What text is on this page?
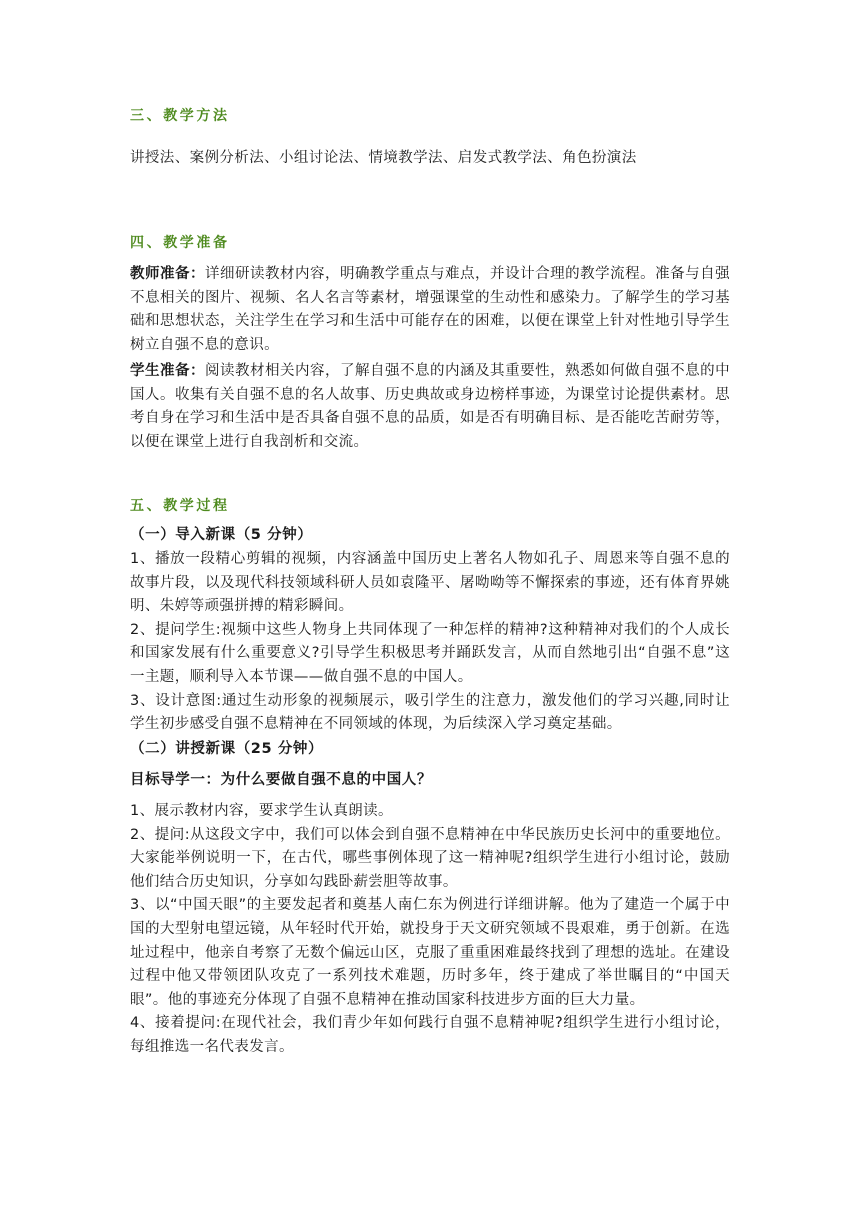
三、教学方法

讲授法、案例分析法、小组讨论法、情境教学法、启发式教学法、角色扮演法

四、教学准备

教师准备：详细研读教材内容，明确教学重点与难点，并设计合理的教学流程。准备与自强不息相关的图片、视频、名人名言等素材，增强课堂的生动性和感染力。了解学生的学习基础和思想状态，关注学生在学习和生活中可能存在的困难，以便在课堂上针对性地引导学生树立自强不息的意识。

学生准备：阅读教材相关内容，了解自强不息的内涵及其重要性，熟悉如何做自强不息的中国人。收集有关自强不息的名人故事、历史典故或身边榜样事迹，为课堂讨论提供素材。思考自身在学习和生活中是否具备自强不息的品质，如是否有明确目标、是否能吃苦耐劳等，以便在课堂上进行自我剖析和交流。

五、教学过程
（一）导入新课（5 分钟）

1、播放一段精心剪辑的视频，内容涵盖中国历史上著名人物如孔子、周恩来等自强不息的故事片段，以及现代科技领域科研人员如袁隆平、屠呦呦等不懈探索的事迹，还有体育界姚明、朱婷等顽强拼搏的精彩瞬间。

2、提问学生:视频中这些人物身上共同体现了一种怎样的精神?这种精神对我们的个人成长和国家发展有什么重要意义?引导学生积极思考并踊跃发言，从而自然地引出“自强不息”这一主题，顺利导入本节课——做自强不息的中国人。

3、设计意图:通过生动形象的视频展示，吸引学生的注意力，激发他们的学习兴趣,同时让学生初步感受自强不息精神在不同领域的体现，为后续深入学习奠定基础。

（二）讲授新课（25 分钟）
目标导学一：为什么要做自强不息的中国人？

1、展示教材内容，要求学生认真朗读。

2、提问:从这段文字中，我们可以体会到自强不息精神在中华民族历史长河中的重要地位。大家能举例说明一下，在古代，哪些事例体现了这一精神呢?组织学生进行小组讨论，鼓励他们结合历史知识，分享如勾践卧薪尝胆等故事。

3、以“中国天眼”的主要发起者和奠基人南仁东为例进行详细讲解。他为了建造一个属于中国的大型射电望远镜，从年轻时代开始，就投身于天文研究领域不畏艰难，勇于创新。在选址过程中，他亲自考察了无数个偏远山区，克服了重重困难最终找到了理想的选址。在建设过程中他又带领团队攻克了一系列技术难题，历时多年，终于建成了举世瞩目的“中国天眼”。他的事迹充分体现了自强不息精神在推动国家科技进步方面的巨大力量。

4、接着提问:在现代社会，我们青少年如何践行自强不息精神呢?组织学生进行小组讨论，每组推选一名代表发言。
